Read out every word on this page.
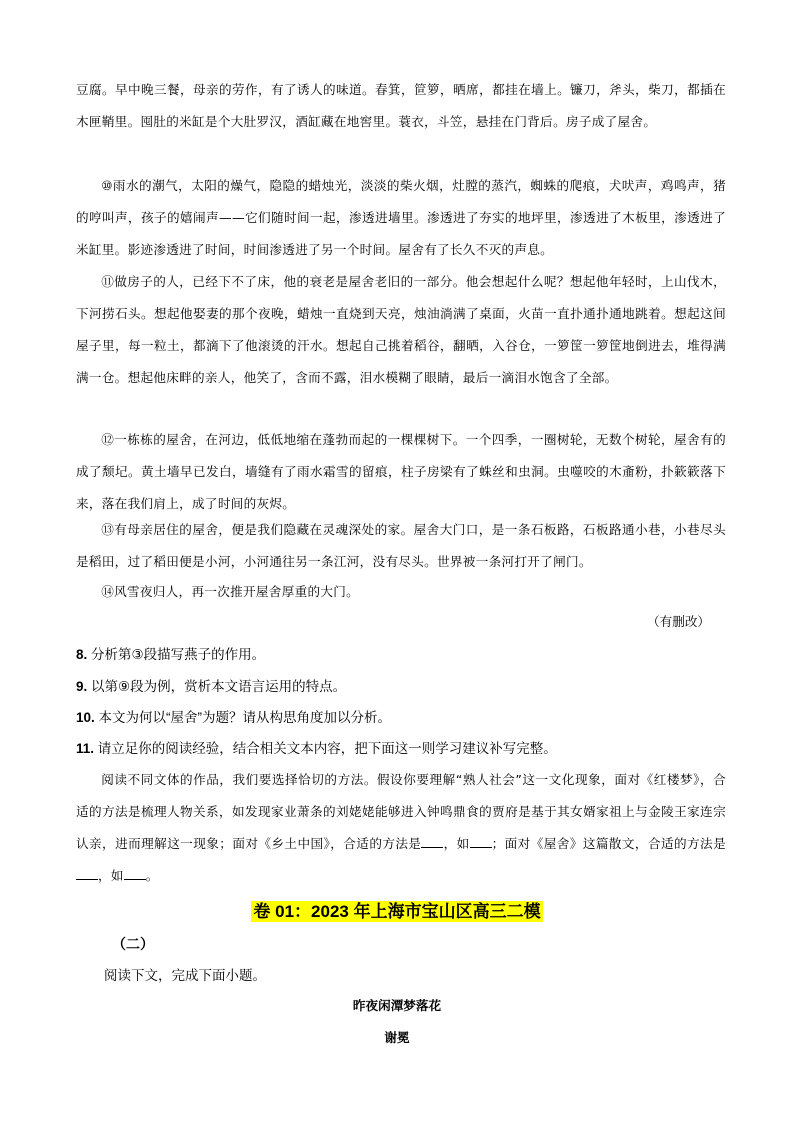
豆腐。早中晚三餐，母亲的劳作，有了诱人的味道。春箕，笸箩，晒席，都挂在墙上。镰刀，斧头，柴刀，都插在木匣鞘里。囤肚的米缸是个大肚罗汉，酒缸藏在地窖里。蓑衣，斗笠，悬挂在门背后。房子成了屋舍。

⑩雨水的潮气，太阳的燥气，隐隐的蜡烛光，淡淡的柴火烟，灶膛的蒸汽，蜘蛛的爬痕，犬吠声，鸡鸣声，猪的哼叫声，孩子的嬉闹声——它们随时间一起，渗透进墙里。渗透进了夯实的地坪里，渗透进了木板里，渗透进了米缸里。影迹渗透进了时间，时间渗透进了另一个时间。屋舍有了长久不灭的声息。

⑪做房子的人，已经下不了床，他的衰老是屋舍老旧的一部分。他会想起什么呢？想起他年轻时，上山伐木，下河捞石头。想起他娶妻的那个夜晚，蜡烛一直烧到天亮，烛油淌满了桌面，火苗一直扑通扑通地跳着。想起这间屋子里，每一粒土，都滴下了他滚烫的汗水。想起自己挑着稻谷，翻晒，入谷仓，一箩筐一箩筐地倒进去，堆得满满一仓。想起他床畔的亲人，他笑了，含而不露，泪水模糊了眼睛，最后一滴泪水饱含了全部。

⑫一栋栋的屋舍，在河边，低低地缩在蓬勃而起的一棵棵树下。一个四季，一圈树轮，无数个树轮，屋舍有的成了颓圮。黄土墙早已发白，墙缝有了雨水霜雪的留痕，柱子房梁有了蛛丝和虫洞。虫噬咬的木齑粉，扑簌簌落下来，落在我们肩上，成了时间的灰烬。

⑬有母亲居住的屋舍，便是我们隐藏在灵魂深处的家。屋舍大门口，是一条石板路，石板路通小巷，小巷尽头是稻田，过了稻田便是小河，小河通往另一条江河，没有尽头。世界被一条河打开了闸门。

⑭风雪夜归人，再一次推开屋舍厚重的大门。

（有删改）
8. 分析第③段描写燕子的作用。
9. 以第⑨段为例，赏析本文语言运用的特点。
10. 本文为何以“屋舍”为题？请从构思角度加以分析。
11. 请立足你的阅读经验，结合相关文本内容，把下面这一则学习建议补写完整。

阅读不同文体的作品，我们要选择恰切的方法。假设你要理解“熟人社会”这一文化现象，面对《红楼梦》，合适的方法是梳理人物关系，如发现家业萧条的刘姥姥能够进入钟鸣鼎食的贾府是基于其女婿家祖上与金陵王家连宗认亲，进而理解这一现象；面对《乡土中国》，合适的方法是 ，如 ；面对《屋舍》这篇散文，合适的方法是，如 。

卷 01：2023 年上海市宝山区高三二模
（二）
阅读下文，完成下面小题。
昨夜闲潭梦落花
谢冕
